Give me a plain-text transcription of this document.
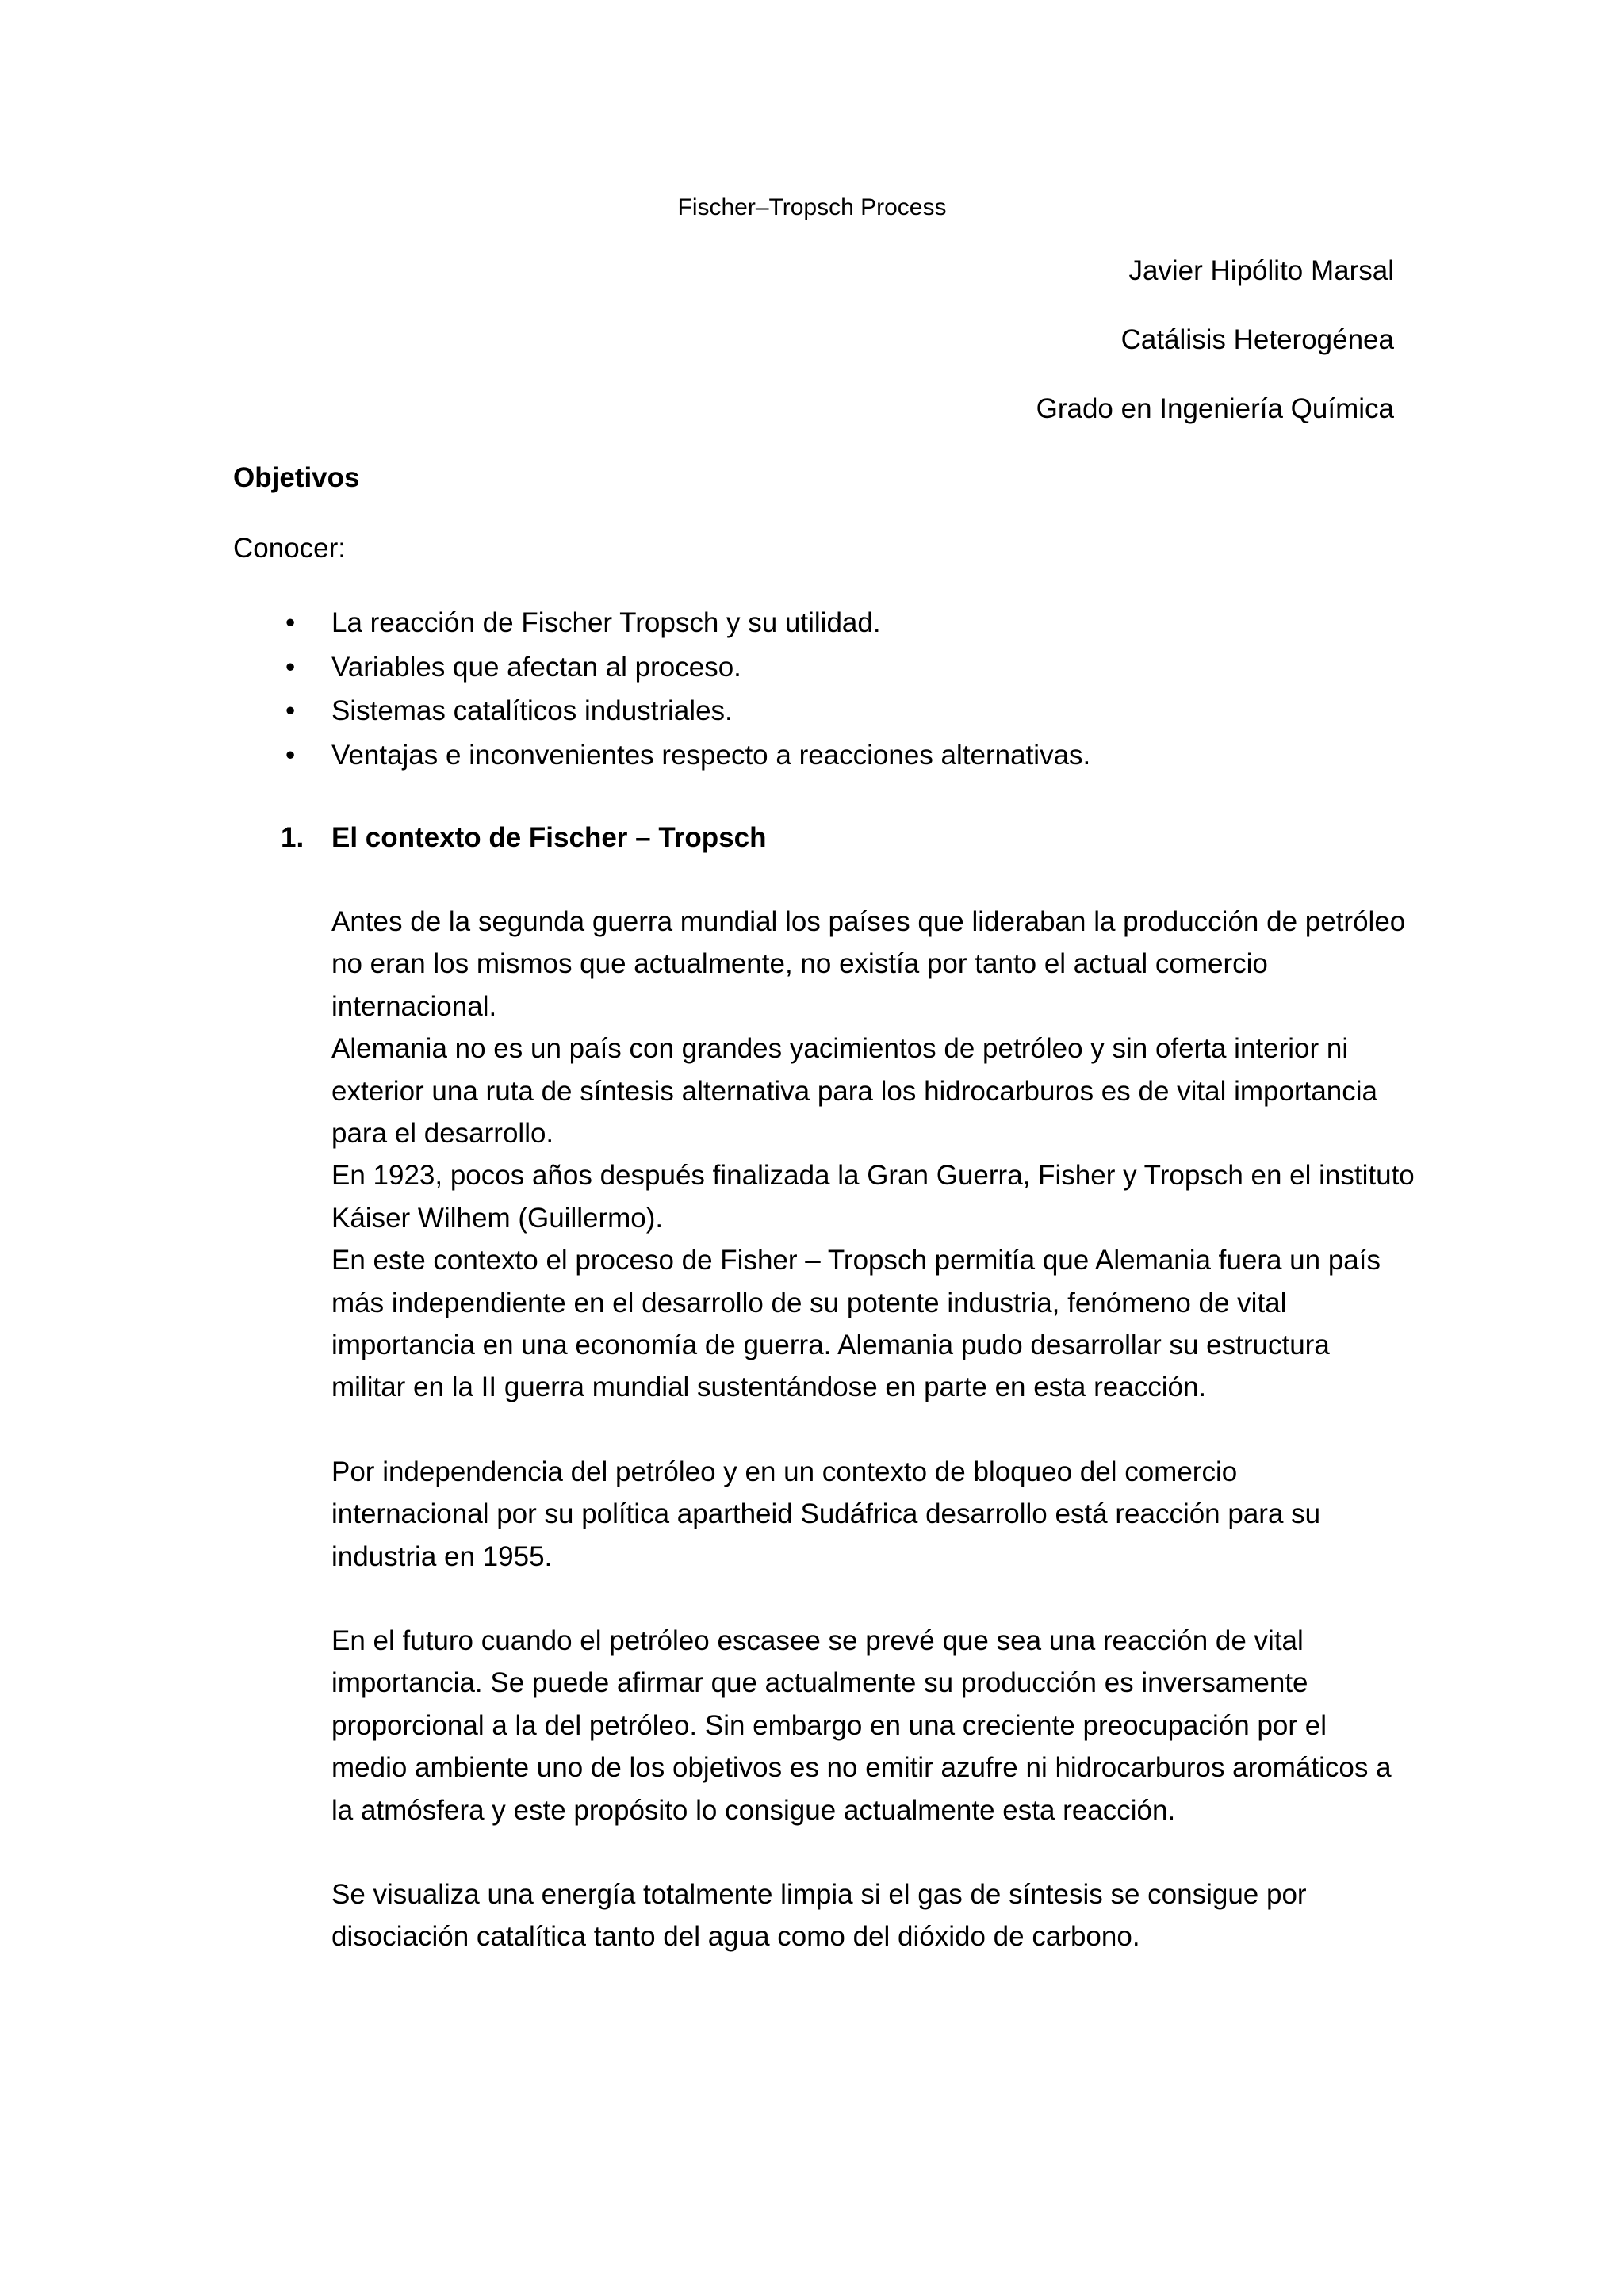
Fischer–Tropsch Process
Javier Hipólito Marsal
Catálisis Heterogénea
Grado en Ingeniería Química
Objetivos
Conocer:
• La reacción de Fischer Tropsch y su utilidad.
• Variables que afectan al proceso.
• Sistemas catalíticos industriales.
• Ventajas e inconvenientes respecto a reacciones alternativas.
1. El contexto de Fischer – Tropsch
Antes de la segunda guerra mundial los países que lideraban la producción de petróleo
no eran los mismos que actualmente, no existía por tanto el actual comercio
internacional.
Alemania no es un país con grandes yacimientos de petróleo y sin oferta interior ni
exterior una ruta de síntesis alternativa para los hidrocarburos es de vital importancia
para el desarrollo.
En 1923, pocos años después finalizada la Gran Guerra, Fisher y Tropsch en el instituto
Káiser Wilhem (Guillermo).
En este contexto el proceso de Fisher – Tropsch permitía que Alemania fuera un país
más independiente en el desarrollo de su potente industria, fenómeno de vital
importancia en una economía de guerra. Alemania pudo desarrollar su estructura
militar en la II guerra mundial sustentándose en parte en esta reacción.
Por independencia del petróleo y en un contexto de bloqueo del comercio
internacional por su política apartheid Sudáfrica desarrollo está reacción para su
industria en 1955.
En el futuro cuando el petróleo escasee se prevé que sea una reacción de vital
importancia. Se puede afirmar que actualmente su producción es inversamente
proporcional a la del petróleo. Sin embargo en una creciente preocupación por el
medio ambiente uno de los objetivos es no emitir azufre ni hidrocarburos aromáticos a
la atmósfera y este propósito lo consigue actualmente esta reacción.
Se visualiza una energía totalmente limpia si el gas de síntesis se consigue por
disociación catalítica tanto del agua como del dióxido de carbono.
